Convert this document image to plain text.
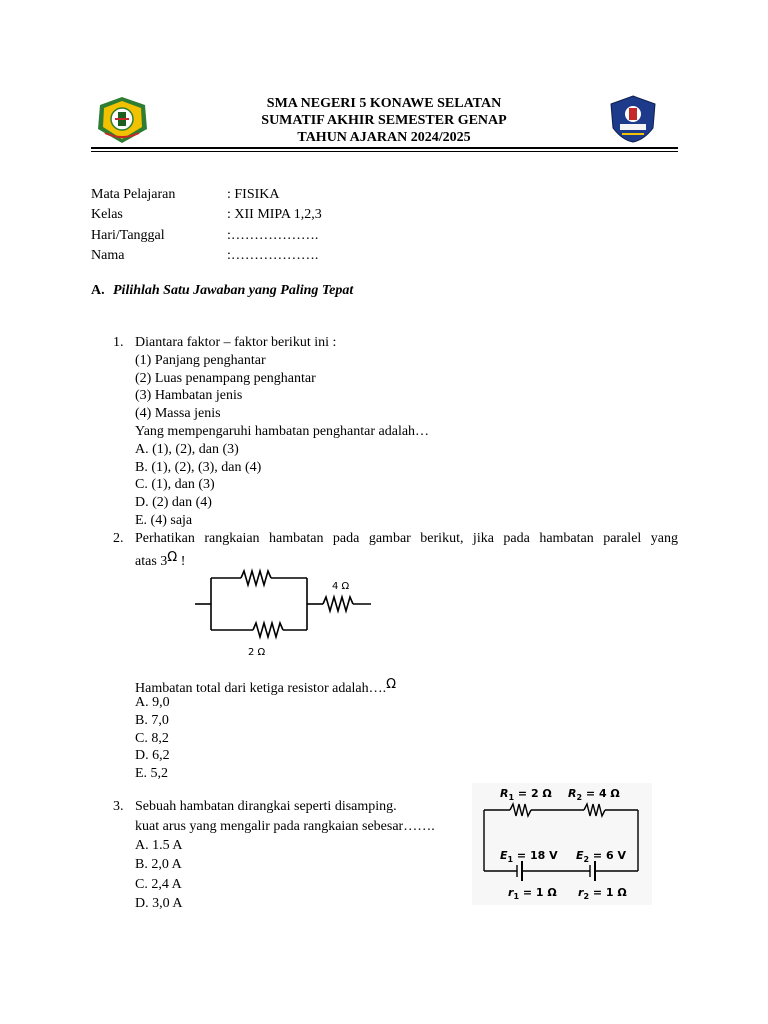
SMA NEGERI 5 KONAWE SELATAN
SUMATIF AKHIR SEMESTER GENAP
TAHUN AJARAN 2024/2025
Mata Pelajaran	: FISIKA
Kelas	: XII MIPA 1,2,3
Hari/Tanggal	:……………….
Nama	:……………….
A. Pilihlah Satu Jawaban yang Paling Tepat
1. Diantara faktor – faktor berikut ini :
(1) Panjang penghantar
(2) Luas penampang penghantar
(3) Hambatan jenis
(4) Massa jenis
Yang mempengaruhi hambatan penghantar adalah…
A. (1), (2), dan (3)
B. (1), (2), (3), dan (4)
C. (1), dan (3)
D. (2) dan (4)
E. (4) saja
2. Perhatikan rangkaian hambatan pada gambar berikut, jika pada hambatan paralel yang
atas 3Ω !
4 Ω
2 Ω
Hambatan total dari ketiga resistor adalah….Ω
A. 9,0
B. 7,0
C. 8,2
D. 6,2
E. 5,2
3. Sebuah hambatan dirangkai seperti disamping.
kuat arus yang mengalir pada rangkaian sebesar…….
A. 1.5 A
B. 2,0 A
C. 2,4 A
D. 3,0 A
$R_1 = 2$ Ω $R_2 = 4$ Ω
$E_1 = 18$ V $E_2 = 6$ V
$r_1 = 1$ Ω $r_2 = 1$ Ω
